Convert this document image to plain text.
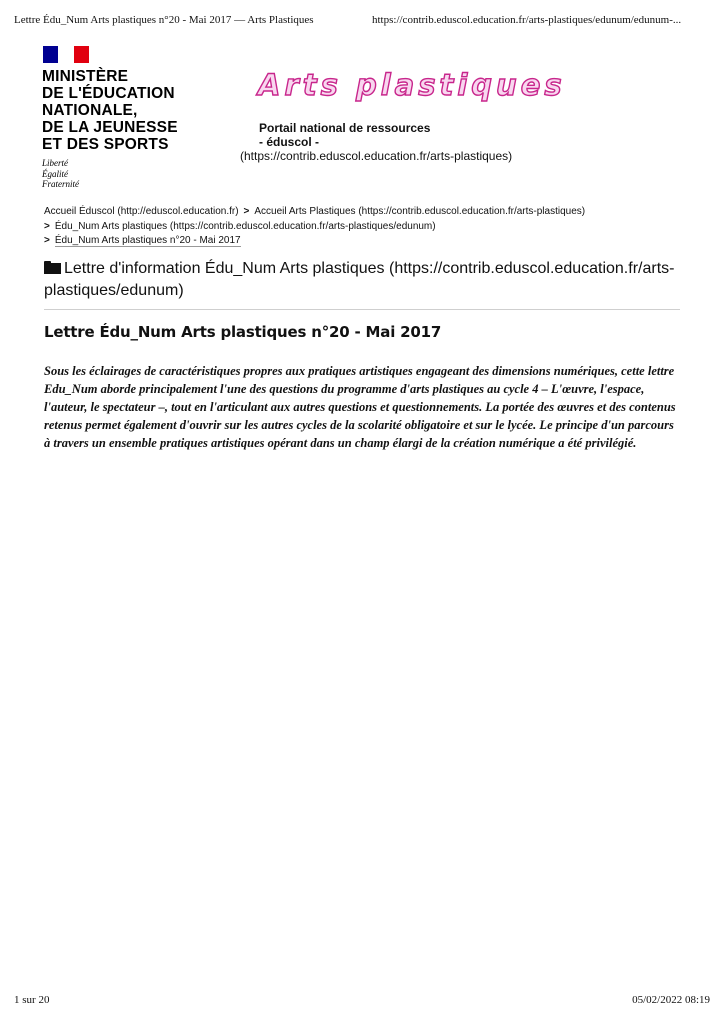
Lettre Édu_Num Arts plastiques n°20 - Mai 2017 — Arts Plastiques	https://contrib.eduscol.education.fr/arts-plastiques/edunum/edunum-...
MINISTÈRE
DE L'ÉDUCATION
NATIONALE,
DE LA JEUNESSE
ET DES SPORTS
Liberté
Égalité
Fraternité
Arts plastiques
Portail national de ressources
- éduscol -
(https://contrib.eduscol.education.fr/arts-plastiques)
Accueil Éduscol (http://eduscol.education.fr) > Accueil Arts Plastiques (https://contrib.eduscol.education.fr/arts-plastiques)
> Édu_Num Arts plastiques (https://contrib.eduscol.education.fr/arts-plastiques/edunum)
> Édu_Num Arts plastiques n°20 - Mai 2017
Lettre d'information Édu_Num Arts plastiques (https://contrib.eduscol.education.fr/arts-plastiques/edunum)
Lettre Édu_Num Arts plastiques n°20 - Mai 2017

Sous les éclairages de caractéristiques propres aux pratiques artistiques engageant des dimensions numériques, cette lettre Edu_Num aborde principalement l'une des questions du programme d'arts plastiques au cycle 4 – L'œuvre, l'espace, l'auteur, le spectateur –, tout en l'articulant aux autres questions et questionnements. La portée des œuvres et des contenus retenus permet également d'ouvrir sur les autres cycles de la scolarité obligatoire et sur le lycée. Le principe d'un parcours à travers un ensemble pratiques artistiques opérant dans un champ élargi de la création numérique a été privilégié.

1 sur 20	05/02/2022 08:19
